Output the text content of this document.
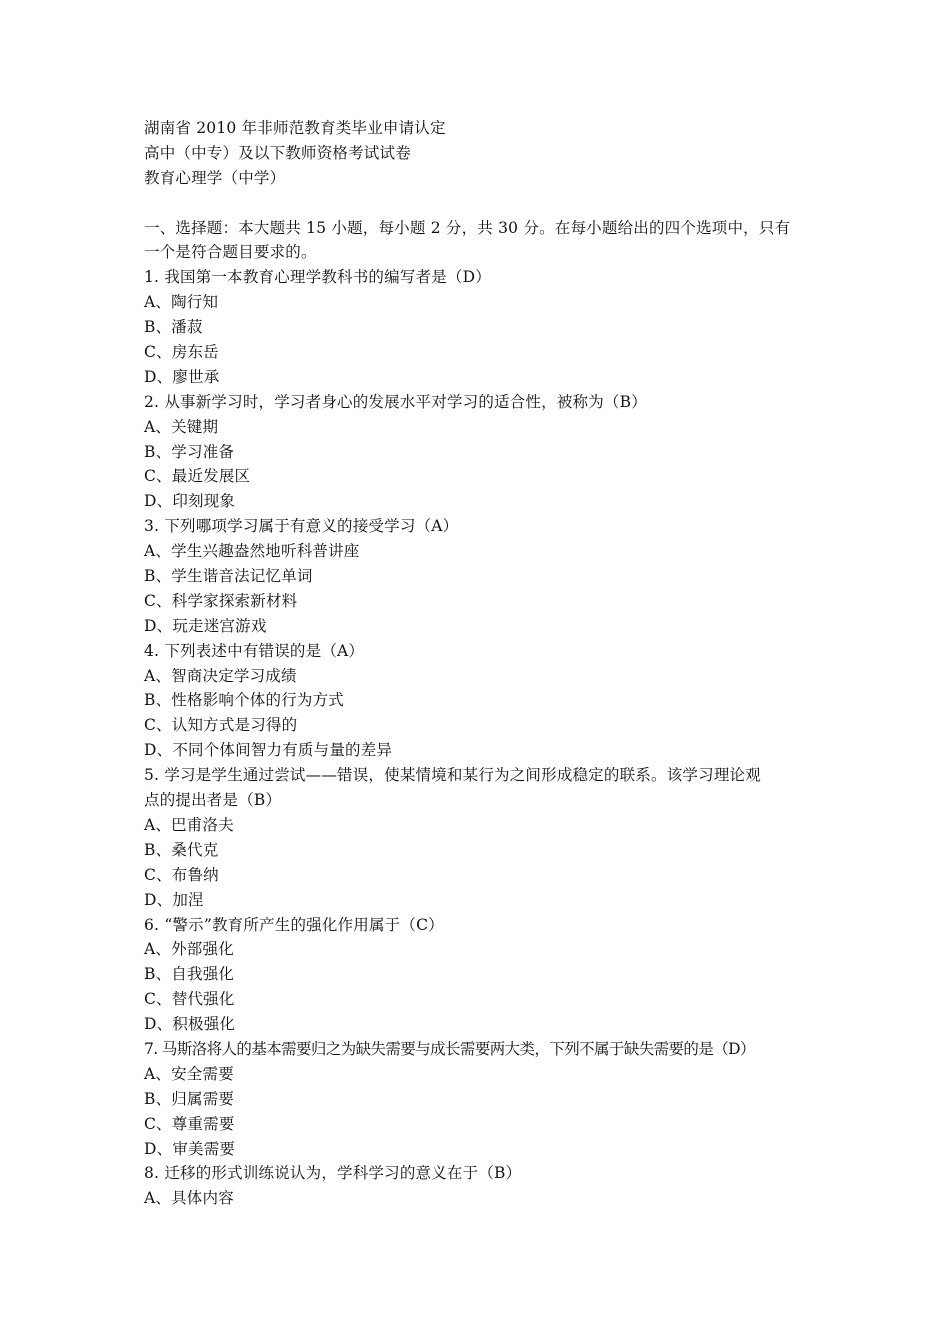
湖南省 2010 年非师范教育类毕业申请认定
高中（中专）及以下教师资格考试试卷
教育心理学（中学）
一、选择题：本大题共 15 小题，每小题 2 分，共 30 分。在每小题给出的四个选项中，只有
一个是符合题目要求的。
1. 我国第一本教育心理学教科书的编写者是（D）
A、陶行知
B、潘菽
C、房东岳
D、廖世承
2. 从事新学习时，学习者身心的发展水平对学习的适合性，被称为（B）
A、关键期
B、学习准备
C、最近发展区
D、印刻现象
3. 下列哪项学习属于有意义的接受学习（A）
A、学生兴趣盎然地听科普讲座
B、学生谐音法记忆单词
C、科学家探索新材料
D、玩走迷宫游戏
4. 下列表述中有错误的是（A）
A、智商决定学习成绩
B、性格影响个体的行为方式
C、认知方式是习得的
D、不同个体间智力有质与量的差异
5. 学习是学生通过尝试——错误，使某情境和某行为之间形成稳定的联系。该学习理论观
点的提出者是（B）
A、巴甫洛夫
B、桑代克
C、布鲁纳
D、加涅
6. “警示”教育所产生的强化作用属于（C）
A、外部强化
B、自我强化
C、替代强化
D、积极强化
7. 马斯洛将人的基本需要归之为缺失需要与成长需要两大类，下列不属于缺失需要的是（D）
A、安全需要
B、归属需要
C、尊重需要
D、审美需要
8. 迁移的形式训练说认为，学科学习的意义在于（B）
A、具体内容
